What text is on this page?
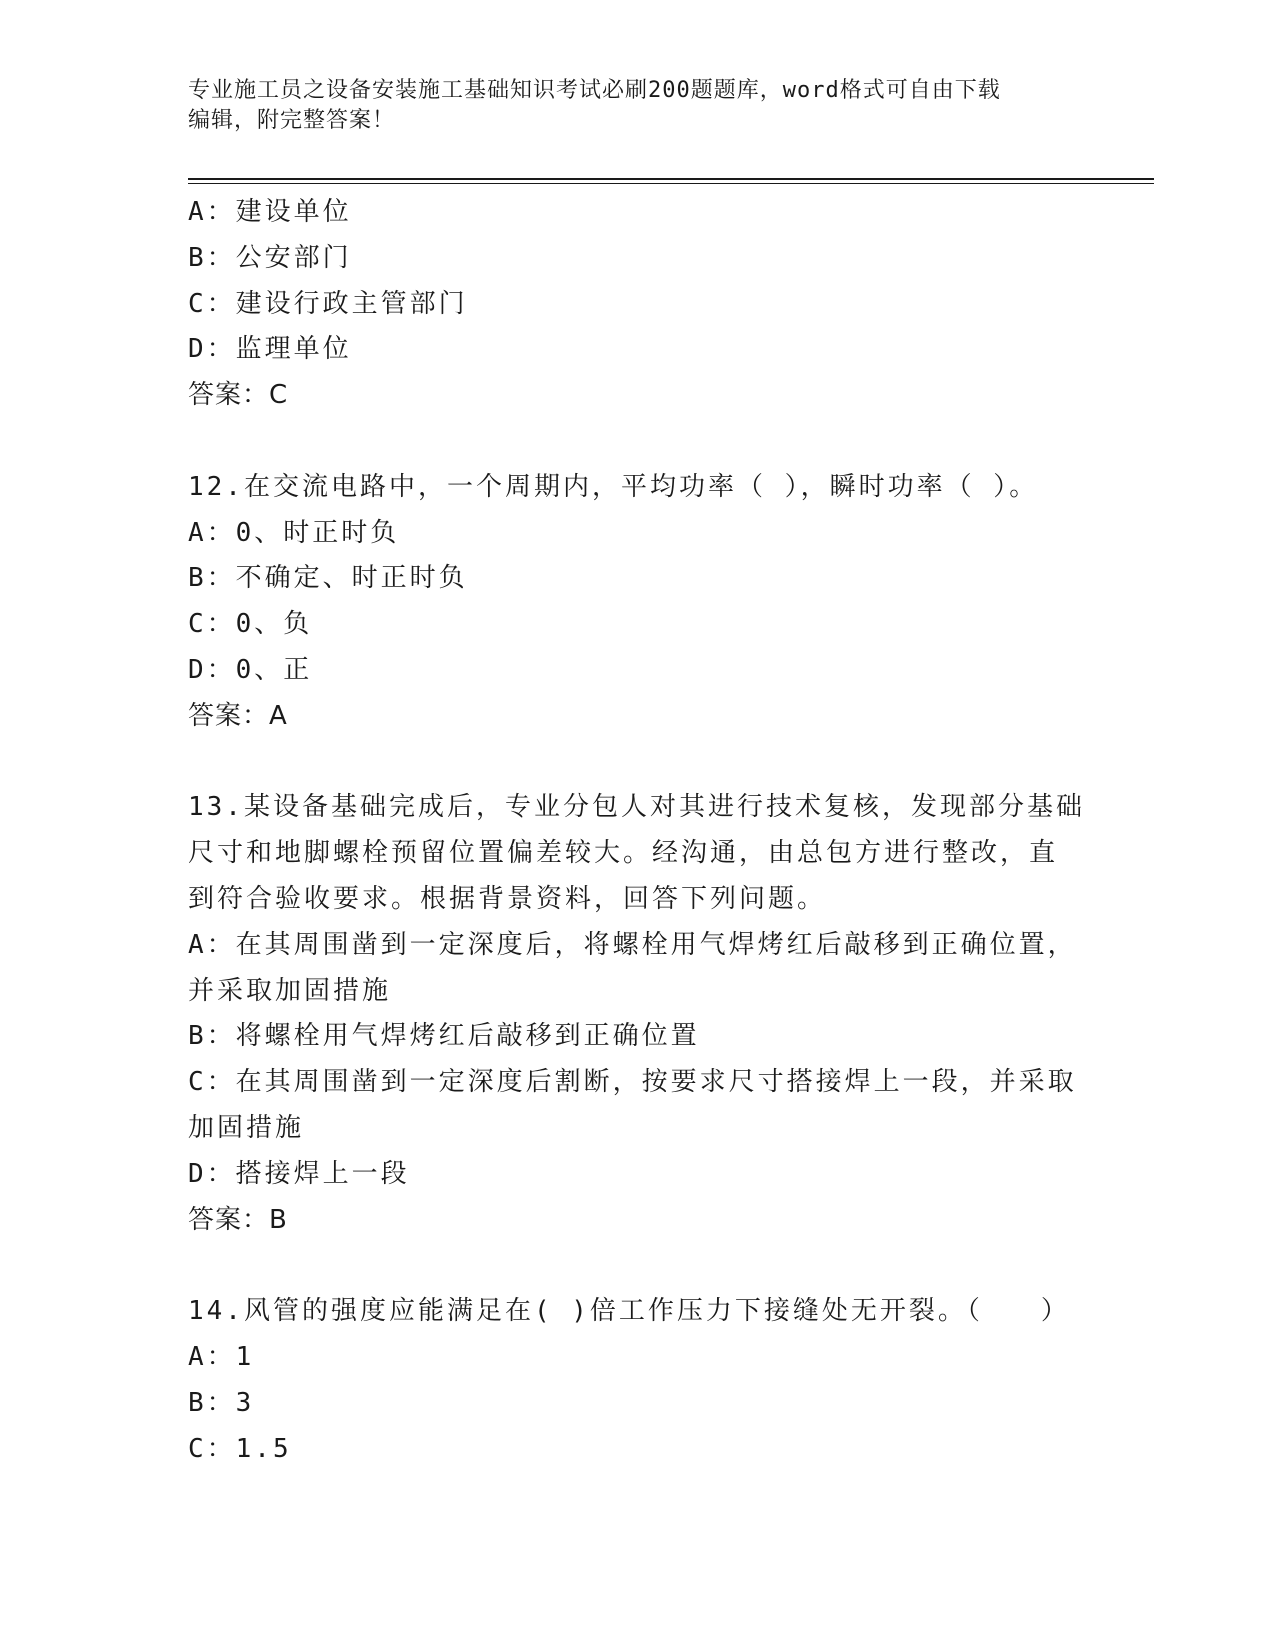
专业施工员之设备安装施工基础知识考试必刷200题题库，word格式可自由下载
编辑，附完整答案！
A：建设单位
B：公安部门
C：建设行政主管部门
D：监理单位
答案：C
12.在交流电路中，一个周期内，平均功率（ ），瞬时功率（ ）。
A：0、时正时负
B：不确定、时正时负
C：0、负
D：0、正
答案：A
13.某设备基础完成后，专业分包人对其进行技术复核，发现部分基础
尺寸和地脚螺栓预留位置偏差较大。经沟通，由总包方进行整改，直
到符合验收要求。根据背景资料，回答下列问题。
A：在其周围凿到一定深度后，将螺栓用气焊烤红后敲移到正确位置，
并采取加固措施
B：将螺栓用气焊烤红后敲移到正确位置
C：在其周围凿到一定深度后割断，按要求尺寸搭接焊上一段，并采取
加固措施
D：搭接焊上一段
答案：B
14.风管的强度应能满足在( )倍工作压力下接缝处无开裂。（　　）
A：1
B：3
C：1.5
